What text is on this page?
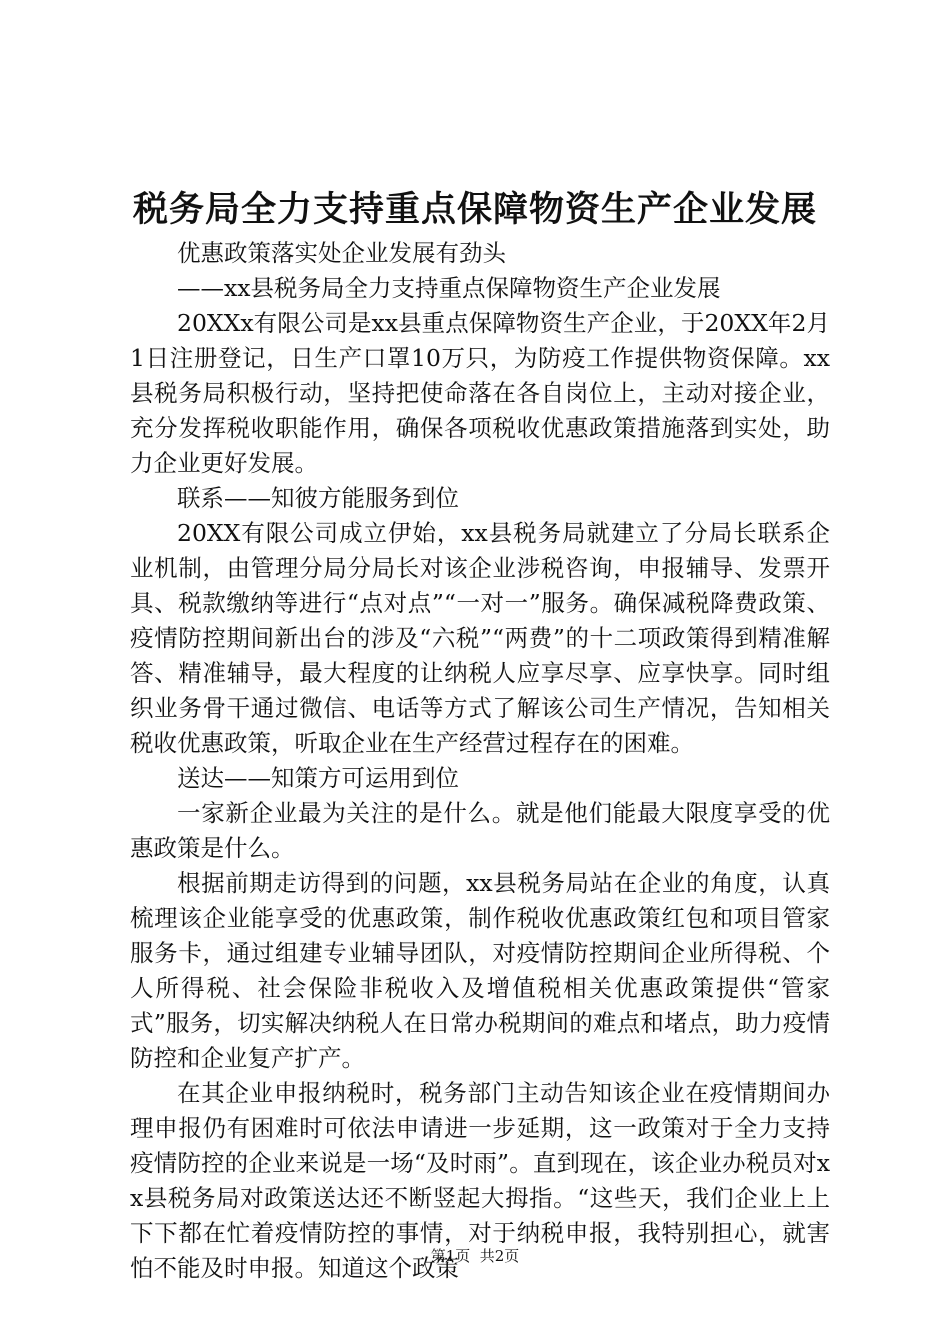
税务局全力支持重点保障物资生产企业发展

优惠政策落实处企业发展有劲头

——xx县税务局全力支持重点保障物资生产企业发展

20XXx有限公司是xx县重点保障物资生产企业，于20XX年2月1日注册登记，日生产口罩10万只，为防疫工作提供物资保障。xx县税务局积极行动，坚持把使命落在各自岗位上，主动对接企业，充分发挥税收职能作用，确保各项税收优惠政策措施落到实处，助力企业更好发展。

联系——知彼方能服务到位

20XX有限公司成立伊始，xx县税务局就建立了分局长联系企业机制，由管理分局分局长对该企业涉税咨询，申报辅导、发票开具、税款缴纳等进行“点对点”“一对一”服务。确保减税降费政策、疫情防控期间新出台的涉及“六税”“两费”的十二项政策得到精准解答、精准辅导，最大程度的让纳税人应享尽享、应享快享。同时组织业务骨干通过微信、电话等方式了解该公司生产情况，告知相关税收优惠政策，听取企业在生产经营过程存在的困难。

送达——知策方可运用到位

一家新企业最为关注的是什么。就是他们能最大限度享受的优惠政策是什么。

根据前期走访得到的问题，xx县税务局站在企业的角度，认真梳理该企业能享受的优惠政策，制作税收优惠政策红包和项目管家服务卡，通过组建专业辅导团队，对疫情防控期间企业所得税、个人所得税、社会保险非税收入及增值税相关优惠政策提供“管家式”服务，切实解决纳税人在日常办税期间的难点和堵点，助力疫情防控和企业复产扩产。

在其企业申报纳税时，税务部门主动告知该企业在疫情期间办理申报仍有困难时可依法申请进一步延期，这一政策对于全力支持疫情防控的企业来说是一场“及时雨”。直到现在，该企业办税员对xx县税务局对政策送达还不断竖起大拇指。“这些天，我们企业上上下下都在忙着疫情防控的事情，对于纳税申报，我特别担心，就害怕不能及时申报。知道这个政策

第1页  共2页
